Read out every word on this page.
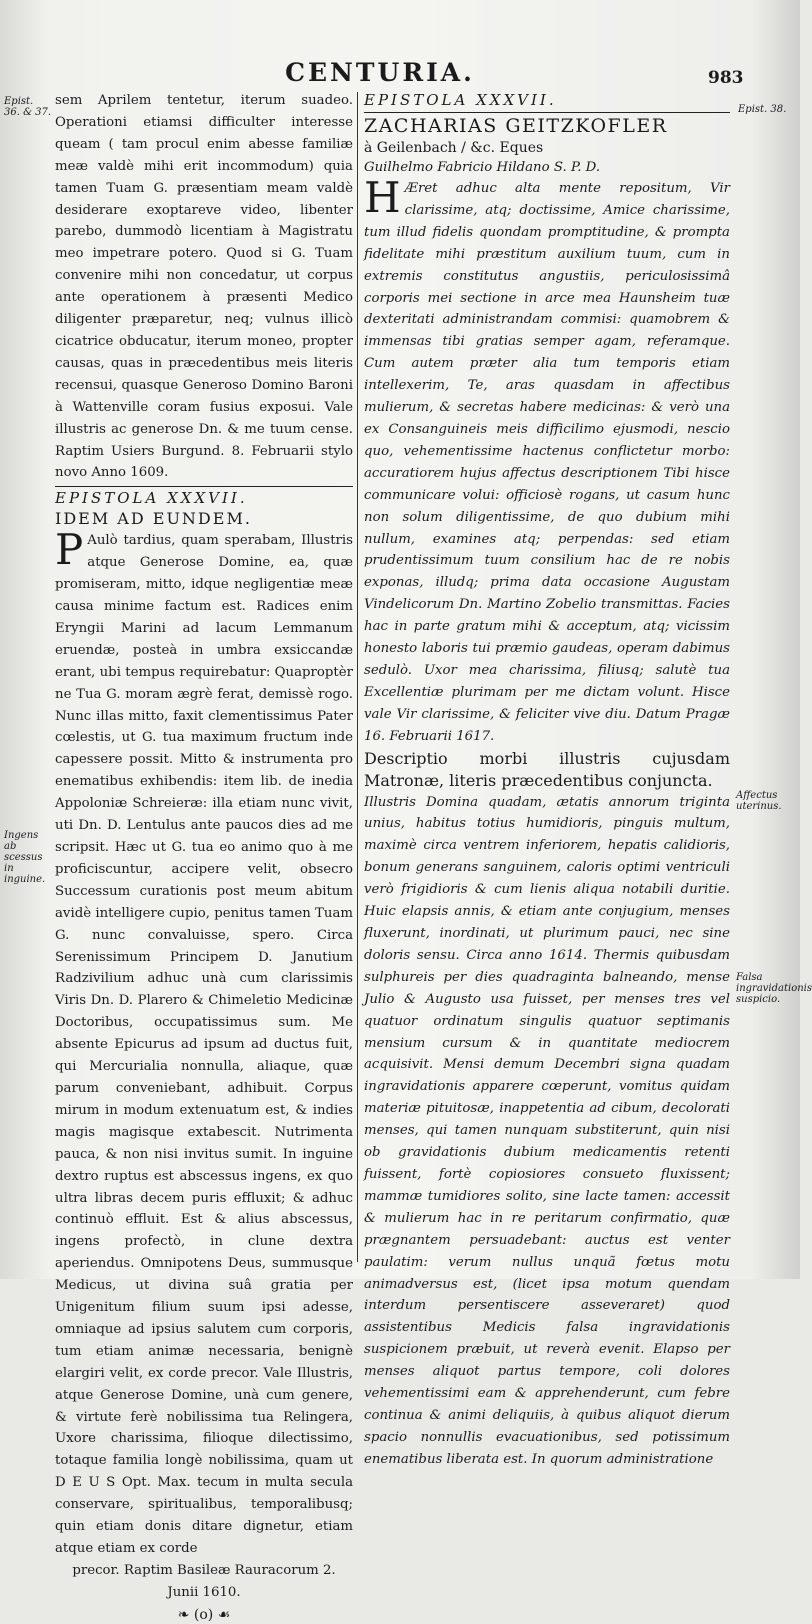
CENTURIA.	983
Epist. 36. & 37.	Epist. 38.
Ingens ab scessus in inguine.
Affectus uterinus.
Falsa ingravidationis suspicio.

sem Aprilem tentetur, iterum suadeo. Operationi etiamsi difficulter interesse queam ( tam procul enim abesse familiæ meæ valdè mihi erit incommodum) quia tamen Tuam G. præsentiam meam valdè desiderare exoptareve video, libenter parebo, dummodò licentiam à Magistratu meo impetrare potero. Quod si G. Tuam convenire mihi non concedatur, ut corpus ante operationem à præsenti Medico diligenter præparetur, neq; vulnus illicò cicatrice obducatur, iterum moneo, propter causas, quas in præcedentibus meis literis recensui, quasque Generoso Domino Baroni à Wattenville coram fusius exposui. Vale illustris ac generose Dn. & me tuum cense. Raptim Usiers Burgund. 8. Februarii stylo novo Anno 1609.

EPISTOLA XXXVII.

IDEM AD EUNDEM.

P Aulò tardius, quam sperabam, Illustris atque Generose Domine, ea, quæ promiseram, mitto, idque negligentiæ meæ causa minime factum est. Radices enim Eryngii Marini ad lacum Lemmanum eruendæ, posteà in umbra exsiccandæ erant, ubi tempus requirebatur: Quaproptèr ne Tua G. moram ægrè ferat, demissè rogo. Nunc illas mitto, faxit clementissimus Pater cœlestis, ut G. tua maximum fructum inde capessere possit. Mitto & instrumenta pro enematibus exhibendis: item lib. de inedia Appoloniæ Schreieræ: illa etiam nunc vivit, uti Dn. D. Lentulus ante paucos dies ad me scripsit. Hæc ut G. tua eo animo quo à me proficiscuntur, accipere velit, obsecro Successum curationis post meum abitum avidè intelligere cupio, penitus tamen Tuam G. nunc convaluisse, spero. Circa Serenissimum Principem D. Janutium Radzivilium adhuc unà cum clarissimis Viris Dn. D. Plarero & Chimeletio Medicinæ Doctoribus, occupatissimus sum. Me absente Epicurus ad ipsum ad ductus fuit, qui Mercurialia nonnulla, aliaque, quæ parum conveniebant, adhibuit. Corpus mirum in modum extenuatum est, & indies magis magisque extabescit. Nutrimenta pauca, & non nisi invitus sumit. In inguine dextro ruptus est abscessus ingens, ex quo ultra libras decem puris effluxit; & adhuc continuò effluit. Est & alius abscessus, ingens profectò, in clune dextra aperiendus. Omnipotens Deus, summusque Medicus, ut divina suâ gratia per Unigenitum filium suum ipsi adesse, omniaque ad ipsius salutem cum corporis, tum etiam animæ necessaria, benignè elargiri velit, ex corde precor. Vale Illustris, atque Generose Domine, unà cum genere, & virtute ferè nobilissima tua Relingera, Uxore charissima, filioque dilectissimo, totaque familia longè nobilissima, quam ut D E U S Opt. Max. tecum in multa secula conservare, spiritualibus, temporalibusq; quin etiam donis ditare dignetur, etiam atque etiam ex corde

precor. Raptim Basileæ Rauracorum 2. Junii 1610.

❧ (o) ☙

EPISTOLA XXXVII.

ZACHARIAS GEITZKOFLER

à Geilenbach / &c. Eques

Guilhelmo Fabricio Hildano S. P. D.

H Æret adhuc alta mente repositum, Vir clarissime, atq; doctissime, Amice charissime, tum illud fidelis quondam promptitudine, & prompta fidelitate mihi præstitum auxilium tuum, cum in extremis constitutus angustiis, periculosissimâ corporis mei sectione in arce mea Haunsheim tuæ dexteritati administrandam commisi: quamobrem & immensas tibi gratias semper agam, referamque. Cum autem præter alia tum temporis etiam intellexerim, Te, aras quasdam in affectibus mulierum, & secretas habere medicinas: & verò una ex Consanguineis meis difficilimo ejusmodi, nescio quo, vehementissime hactenus conflictetur morbo: accuratiorem hujus affectus descriptionem Tibi hisce communicare volui: officiosè rogans, ut casum hunc non solum diligentissime, de quo dubium mihi nullum, examines atq; perpendas: sed etiam prudentissimum tuum consilium hac de re nobis exponas, illudq; prima data occasione Augustam Vindelicorum Dn. Martino Zobelio transmittas. Facies hac in parte gratum mihi & acceptum, atq; vicissim honesto laboris tui præmio gaudeas, operam dabimus sedulò. Uxor mea charissima, filiusq; salutè tua Excellentiæ plurimam per me dictam volunt. Hisce vale Vir clarissime, & feliciter vive diu. Datum Pragæ 16. Februarii 1617.

Descriptio morbi illustris cujusdam Matronæ, literis præcedentibus conjuncta.

Illustris Domina quadam, ætatis annorum triginta unius, habitus totius humidioris, pinguis multum, maximè circa ventrem inferiorem, hepatis calidioris, bonum generans sanguinem, caloris optimi ventriculi verò frigidioris & cum lienis aliqua notabili duritie. Huic elapsis annis, & etiam ante conjugium, menses fluxerunt, inordinati, ut plurimum pauci, nec sine doloris sensu. Circa anno 1614. Thermis quibusdam sulphureis per dies quadraginta balneando, mense Julio & Augusto usa fuisset, per menses tres vel quatuor ordinatum singulis quatuor septimanis mensium cursum & in quantitate mediocrem acquisivit. Mensi demum Decembri signa quadam ingravidationis apparere cœperunt, vomitus quidam materiæ pituitosæ, inappetentia ad cibum, decolorati menses, qui tamen nunquam substiterunt, quin nisi ob gravidationis dubium medicamentis retenti fuissent, fortè copiosiores consueto fluxissent; mammæ tumidiores solito, sine lacte tamen: accessit & mulierum hac in re peritarum confirmatio, quæ prægnantem persuadebant: auctus est venter paulatim: verum nullus unquã fœtus motu animadversus est, (licet ipsa motum quendam interdum persentiscere asseveraret) quod assistentibus Medicis falsa ingravidationis suspicionem præbuit, ut reverà evenit. Elapso per menses aliquot partus tempore, coli dolores vehementissimi eam & apprehenderunt, cum febre continua & animi deliquiis, à quibus aliquot dierum spacio nonnullis evacuationibus, sed potissimum enematibus liberata est. In quorum administratione
